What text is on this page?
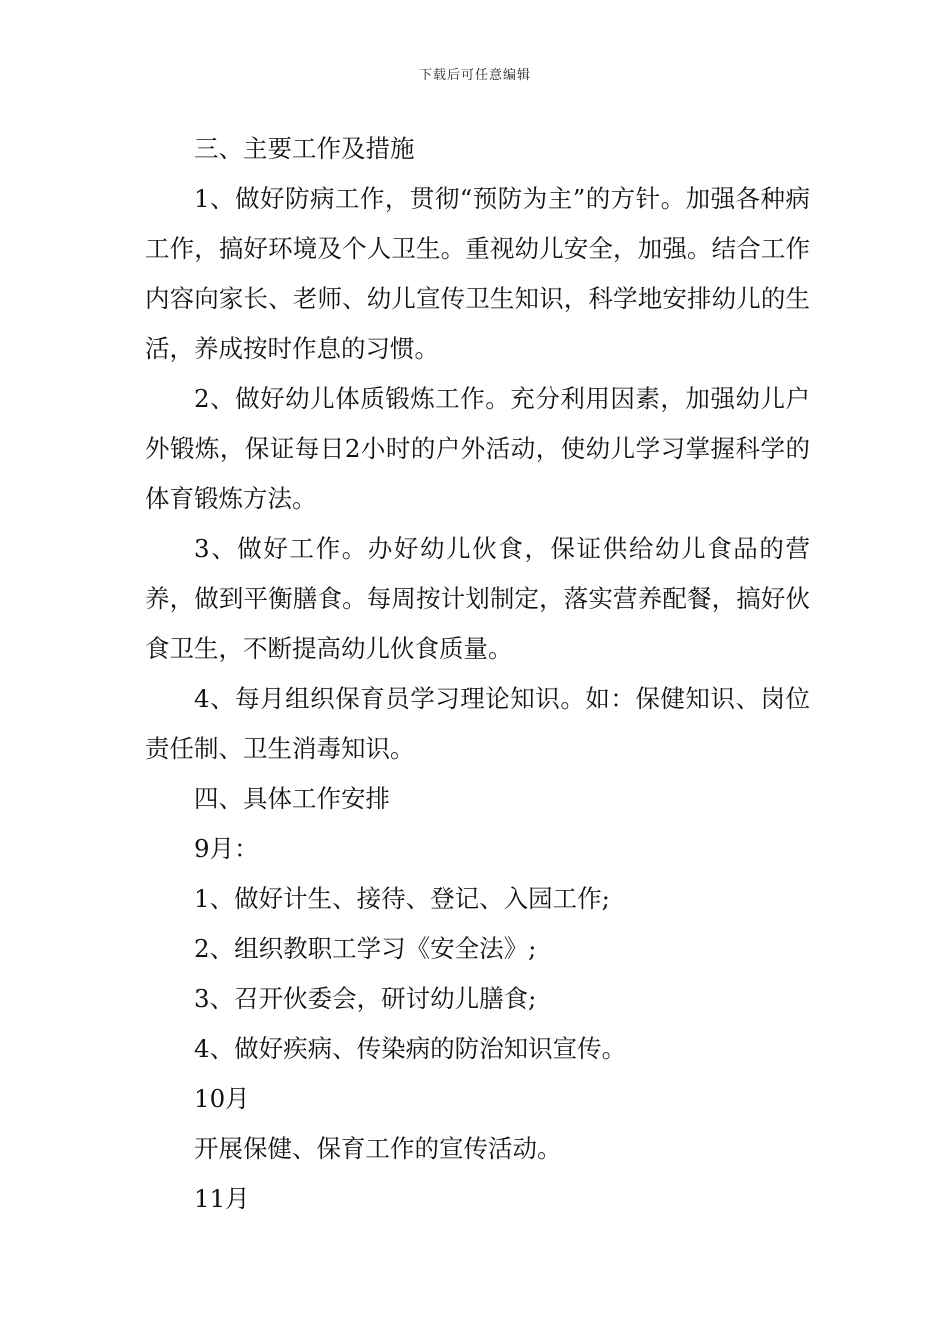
下载后可任意编辑

三、主要工作及措施

1、做好防病工作，贯彻“预防为主”的方针。加强各种病工作，搞好环境及个人卫生。重视幼儿安全，加强。结合工作内容向家长、老师、幼儿宣传卫生知识，科学地安排幼儿的生活，养成按时作息的习惯。

2、做好幼儿体质锻炼工作。充分利用因素，加强幼儿户外锻炼，保证每日2小时的户外活动，使幼儿学习掌握科学的体育锻炼方法。

3、做好工作。办好幼儿伙食，保证供给幼儿食品的营养，做到平衡膳食。每周按计划制定，落实营养配餐，搞好伙食卫生，不断提高幼儿伙食质量。

4、每月组织保育员学习理论知识。如：保健知识、岗位责任制、卫生消毒知识。

四、具体工作安排

9月：

1、做好计生、接待、登记、入园工作;

2、组织教职工学习《安全法》;

3、召开伙委会，研讨幼儿膳食;

4、做好疾病、传染病的防治知识宣传。

10月

开展保健、保育工作的宣传活动。

11月
